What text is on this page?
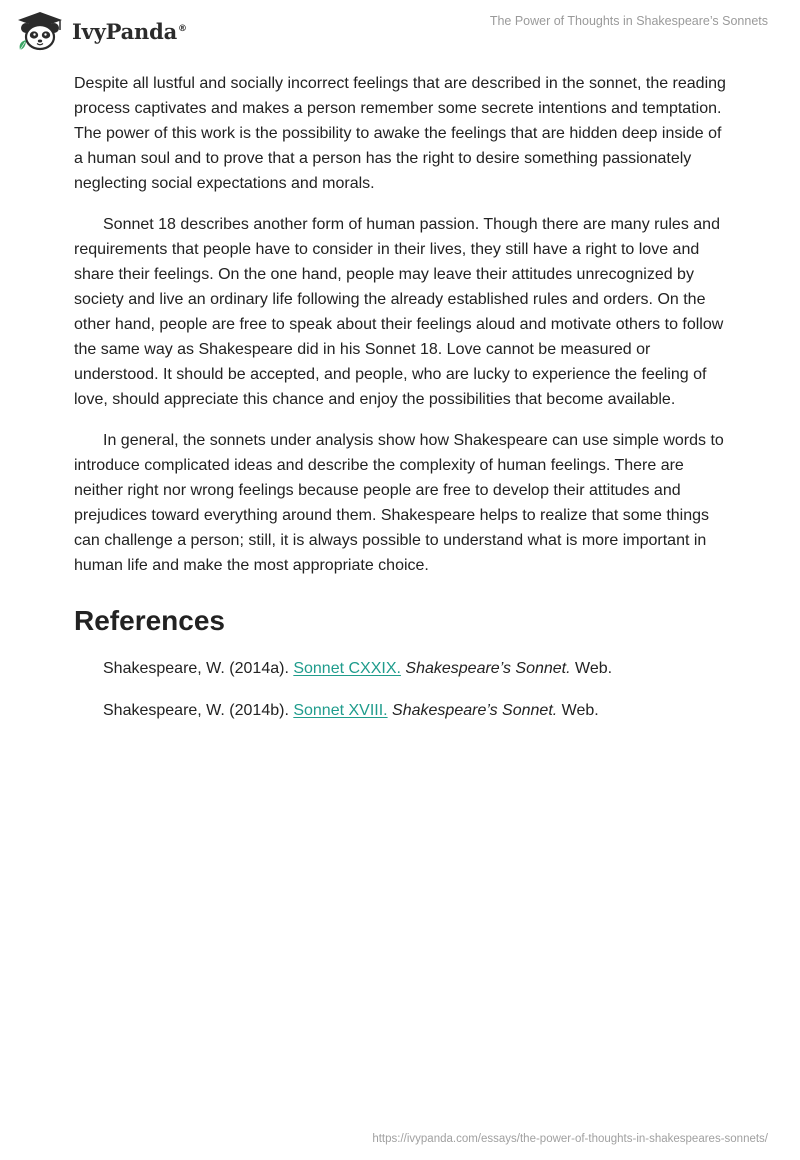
IvyPanda®
The Power of Thoughts in Shakespeare’s Sonnets

Despite all lustful and socially incorrect feelings that are described in the sonnet, the reading process captivates and makes a person remember some secrete intentions and temptation. The power of this work is the possibility to awake the feelings that are hidden deep inside of a human soul and to prove that a person has the right to desire something passionately neglecting social expectations and morals.

Sonnet 18 describes another form of human passion. Though there are many rules and requirements that people have to consider in their lives, they still have a right to love and share their feelings. On the one hand, people may leave their attitudes unrecognized by society and live an ordinary life following the already established rules and orders. On the other hand, people are free to speak about their feelings aloud and motivate others to follow the same way as Shakespeare did in his Sonnet 18. Love cannot be measured or understood. It should be accepted, and people, who are lucky to experience the feeling of love, should appreciate this chance and enjoy the possibilities that become available.

In general, the sonnets under analysis show how Shakespeare can use simple words to introduce complicated ideas and describe the complexity of human feelings. There are neither right nor wrong feelings because people are free to develop their attitudes and prejudices toward everything around them. Shakespeare helps to realize that some things can challenge a person; still, it is always possible to understand what is more important in human life and make the most appropriate choice.

References
Shakespeare, W. (2014a). Sonnet CXXIX. Shakespeare’s Sonnet. Web.
Shakespeare, W. (2014b). Sonnet XVIII. Shakespeare’s Sonnet. Web.
https://ivypanda.com/essays/the-power-of-thoughts-in-shakespeares-sonnets/
